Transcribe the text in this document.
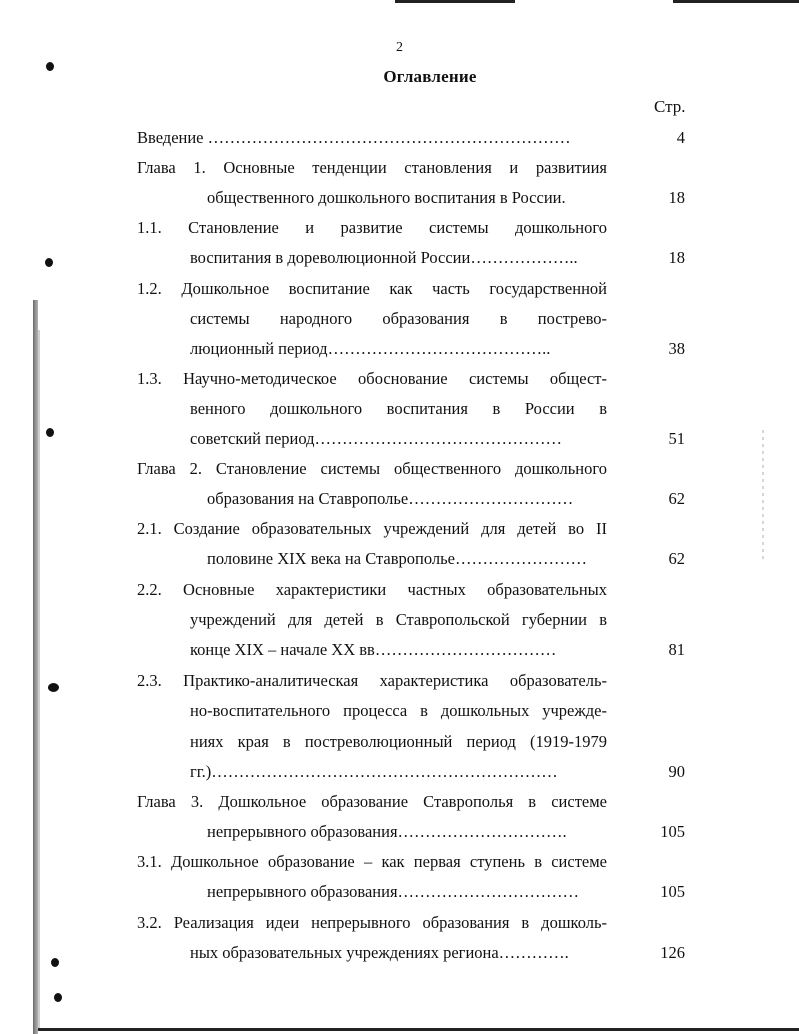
2
Оглавление
Стр.
Введение …………………………………………………………	4
Глава 1. Основные тенденции становления и развитиия
общественного дошкольного воспитания в России.	18
1.1. Становление и развитие системы дошкольного
воспитания в дореволюционной России………………..	18
1.2. Дошкольное воспитание как часть государственной
системы народного образования в пострево-
люционный период…………………………………..	38
1.3. Научно-методическое обоснование системы общест-
венного дошкольного воспитания в России в
советский период………………………………………	51
Глава 2. Становление системы общественного дошкольного
образования на Ставрополье…………………………	62
2.1. Создание образовательных учреждений для детей во II
половине XIX века на Ставрополье……………………	62
2.2. Основные характеристики частных образовательных
учреждений для детей в Ставропольской губернии в
конце XIX – начале XX вв……………………………	81
2.3. Практико-аналитическая характеристика образователь-
но-воспитательного процесса в дошкольных учрежде-
ниях края в постреволюционный период (1919-1979
гг.)………………………………………………………	90
Глава 3. Дошкольное образование Ставрополья в системе
непрерывного образования………………………….	105
3.1. Дошкольное образование – как первая ступень в системе
непрерывного образования……………………………	105
3.2. Реализация идеи непрерывного образования в дошколь-
ных образовательных учреждениях региона………….	126
